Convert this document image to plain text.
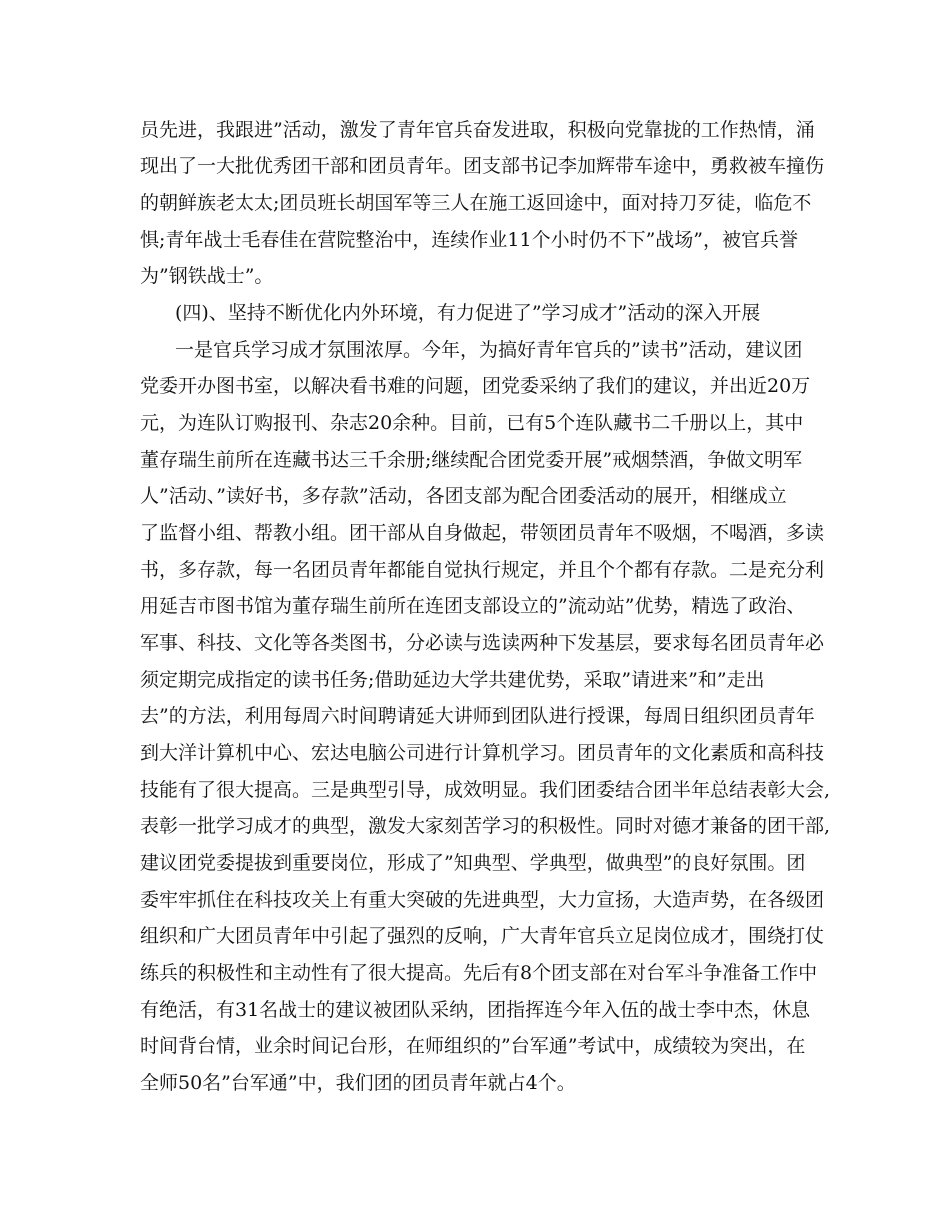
员先进，我跟进”活动，激发了青年官兵奋发进取，积极向党靠拢的工作热情，涌
现出了一大批优秀团干部和团员青年。团支部书记李加辉带车途中，勇救被车撞伤
的朝鲜族老太太;团员班长胡国军等三人在施工返回途中，面对持刀歹徒，临危不
惧;青年战士毛春佳在营院整治中，连续作业11个小时仍不下”战场”，被官兵誉
为”钢铁战士”。
(四)、坚持不断优化内外环境，有力促进了”学习成才”活动的深入开展
一是官兵学习成才氛围浓厚。今年，为搞好青年官兵的”读书”活动，建议团
党委开办图书室，以解决看书难的问题，团党委采纳了我们的建议，并出近20万
元，为连队订购报刊、杂志20余种。目前，已有5个连队藏书二千册以上，其中
董存瑞生前所在连藏书达三千余册;继续配合团党委开展”戒烟禁酒，争做文明军
人”活动、”读好书，多存款”活动，各团支部为配合团委活动的展开，相继成立
了监督小组、帮教小组。团干部从自身做起，带领团员青年不吸烟，不喝酒，多读
书，多存款，每一名团员青年都能自觉执行规定，并且个个都有存款。二是充分利
用延吉市图书馆为董存瑞生前所在连团支部设立的”流动站”优势，精选了政治、
军事、科技、文化等各类图书，分必读与选读两种下发基层，要求每名团员青年必
须定期完成指定的读书任务;借助延边大学共建优势，采取”请进来”和”走出
去”的方法，利用每周六时间聘请延大讲师到团队进行授课，每周日组织团员青年
到大洋计算机中心、宏达电脑公司进行计算机学习。团员青年的文化素质和高科技
技能有了很大提高。三是典型引导，成效明显。我们团委结合团半年总结表彰大会,
表彰一批学习成才的典型，激发大家刻苦学习的积极性。同时对德才兼备的团干部,
建议团党委提拔到重要岗位，形成了”知典型、学典型，做典型”的良好氛围。团
委牢牢抓住在科技攻关上有重大突破的先进典型，大力宣扬，大造声势，在各级团
组织和广大团员青年中引起了强烈的反响，广大青年官兵立足岗位成才，围绕打仗
练兵的积极性和主动性有了很大提高。先后有8个团支部在对台军斗争准备工作中
有绝活，有31名战士的建议被团队采纳，团指挥连今年入伍的战士李中杰，休息
时间背台情，业余时间记台形，在师组织的”台军通”考试中，成绩较为突出，在
全师50名”台军通”中，我们团的团员青年就占4个。
